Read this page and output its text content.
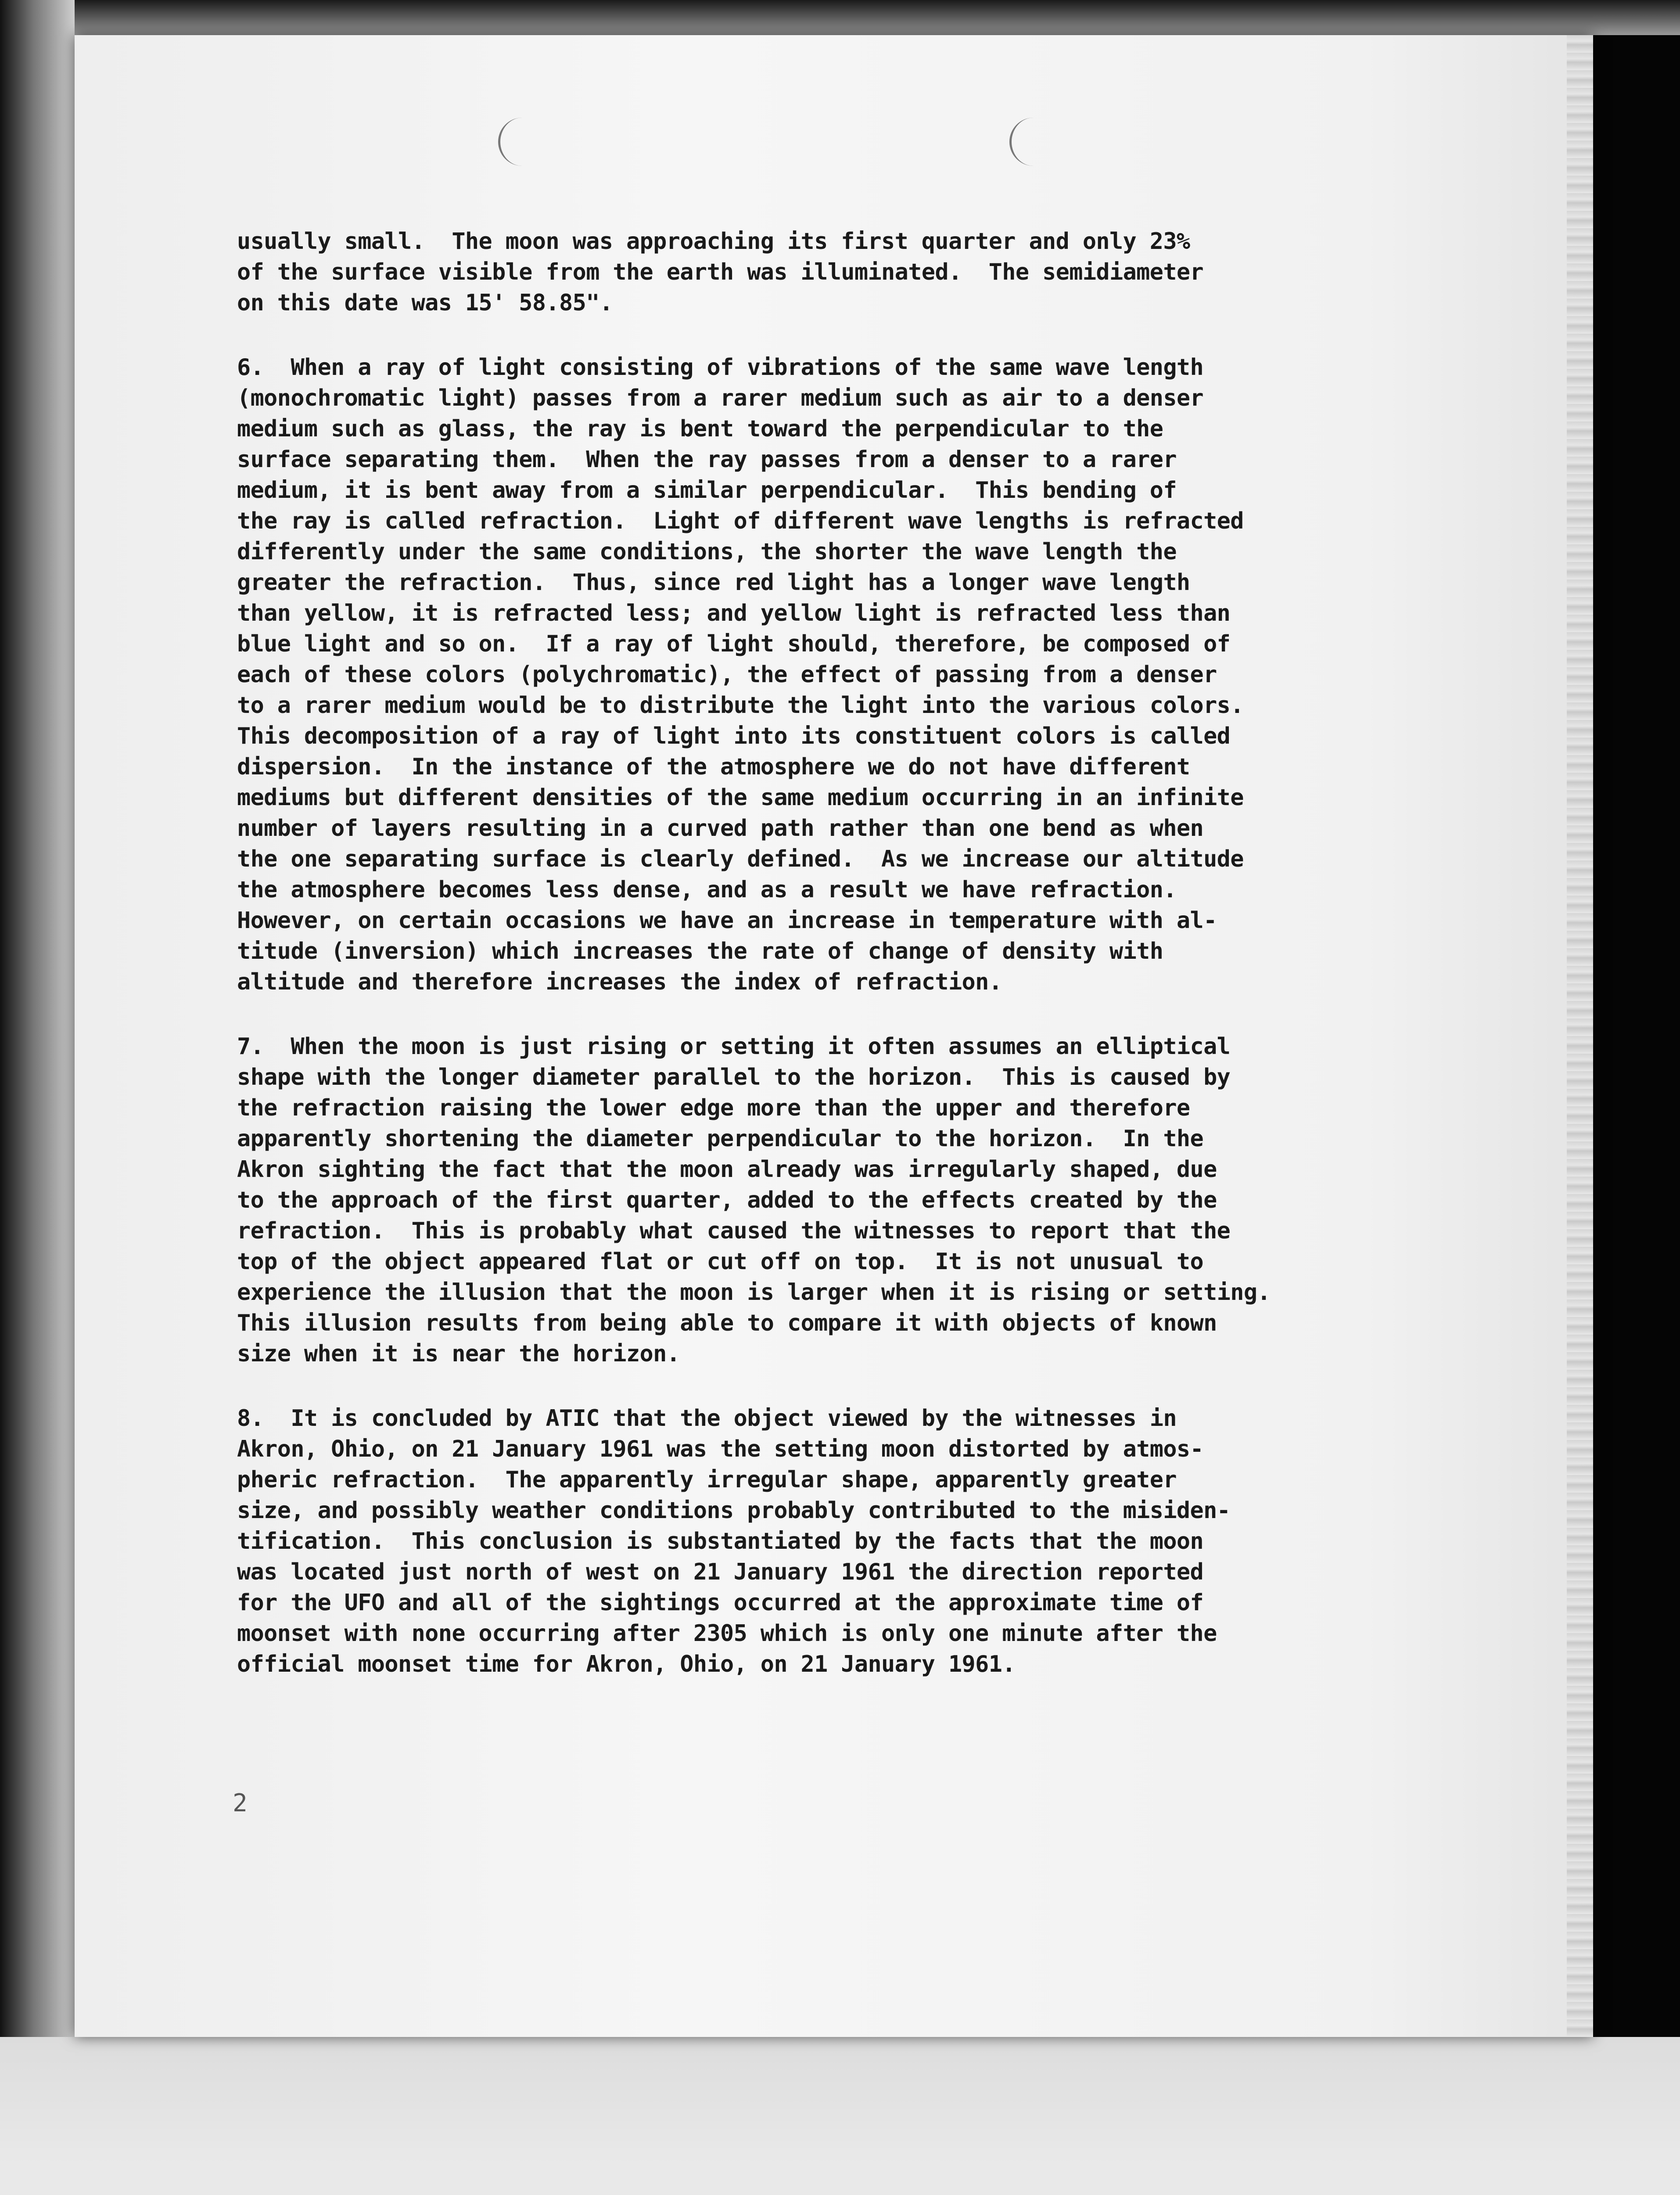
usually small.  The moon was approaching its first quarter and only 23%
of the surface visible from the earth was illuminated.  The semidiameter
on this date was 15' 58.85".
6.  When a ray of light consisting of vibrations of the same wave length
(monochromatic light) passes from a rarer medium such as air to a denser
medium such as glass, the ray is bent toward the perpendicular to the
surface separating them.  When the ray passes from a denser to a rarer
medium, it is bent away from a similar perpendicular.  This bending of
the ray is called refraction.  Light of different wave lengths is refracted
differently under the same conditions, the shorter the wave length the
greater the refraction.  Thus, since red light has a longer wave length
than yellow, it is refracted less; and yellow light is refracted less than
blue light and so on.  If a ray of light should, therefore, be composed of
each of these colors (polychromatic), the effect of passing from a denser
to a rarer medium would be to distribute the light into the various colors.
This decomposition of a ray of light into its constituent colors is called
dispersion.  In the instance of the atmosphere we do not have different
mediums but different densities of the same medium occurring in an infinite
number of layers resulting in a curved path rather than one bend as when
the one separating surface is clearly defined.  As we increase our altitude
the atmosphere becomes less dense, and as a result we have refraction.
However, on certain occasions we have an increase in temperature with al-
titude (inversion) which increases the rate of change of density with
altitude and therefore increases the index of refraction.
7.  When the moon is just rising or setting it often assumes an elliptical
shape with the longer diameter parallel to the horizon.  This is caused by
the refraction raising the lower edge more than the upper and therefore
apparently shortening the diameter perpendicular to the horizon.  In the
Akron sighting the fact that the moon already was irregularly shaped, due
to the approach of the first quarter, added to the effects created by the
refraction.  This is probably what caused the witnesses to report that the
top of the object appeared flat or cut off on top.  It is not unusual to
experience the illusion that the moon is larger when it is rising or setting.
This illusion results from being able to compare it with objects of known
size when it is near the horizon.
8.  It is concluded by ATIC that the object viewed by the witnesses in
Akron, Ohio, on 21 January 1961 was the setting moon distorted by atmos-
pheric refraction.  The apparently irregular shape, apparently greater
size, and possibly weather conditions probably contributed to the misiden-
tification.  This conclusion is substantiated by the facts that the moon
was located just north of west on 21 January 1961 the direction reported
for the UFO and all of the sightings occurred at the approximate time of
moonset with none occurring after 2305 which is only one minute after the
official moonset time for Akron, Ohio, on 21 January 1961.
2
